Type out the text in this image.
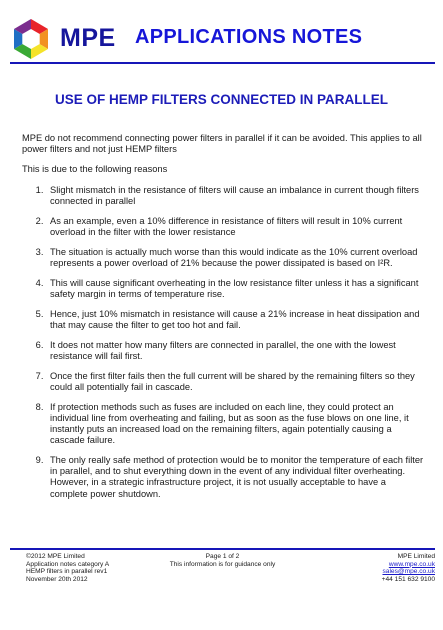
MPE APPLICATIONS NOTES
USE OF HEMP FILTERS CONNECTED IN PARALLEL

MPE do not recommend connecting power filters in parallel if it can be avoided. This applies to all power filters and not just HEMP filters

This is due to the following reasons

1. Slight mismatch in the resistance of filters will cause an imbalance in current though filters connected in parallel
2. As an example, even a 10% difference in resistance of filters will result in 10% current overload in the filter with the lower resistance
3. The situation is actually much worse than this would indicate as the 10% current overload represents a power overload of 21% because the power dissipated is based on I²R.
4. This will cause significant overheating in the low resistance filter unless it has a significant safety margin in terms of temperature rise.
5. Hence, just 10% mismatch in resistance will cause a 21% increase in heat dissipation and that may cause the filter to get too hot and fail.
6. It does not matter how many filters are connected in parallel, the one with the lowest resistance will fail first.
7. Once the first filter fails then the full current will be shared by the remaining filters so they could all potentially fail in cascade.
8. If protection methods such as fuses are included on each line, they could protect an individual line from overheating and failing, but as soon as the fuse blows on one line, it instantly puts an increased load on the remaining filters, again potentially causing a cascade failure.
9. The only really safe method of protection would be to monitor the temperature of each filter in parallel, and to shut everything down in the event of any individual filter overheating. However, in a strategic infrastructure project, it is not usually acceptable to have a complete power shutdown.
©2012 MPE Limited
Application notes category A
HEMP filters in parallel rev1
November 20th 2012
Page 1 of 2
This information is for guidance only
MPE Limited
www.mpe.co.uk
sales@mpe.co.uk
+44 151 632 9100
